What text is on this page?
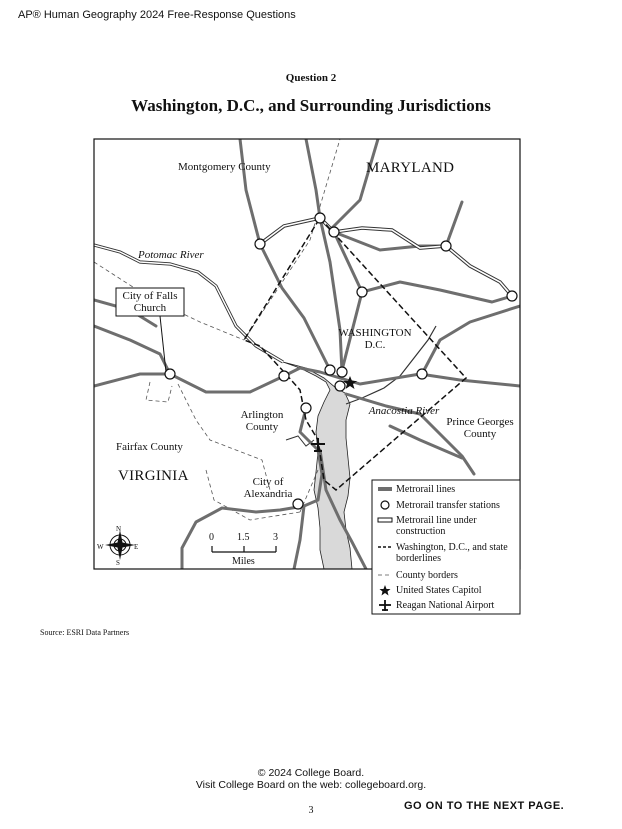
AP® Human Geography 2024 Free-Response Questions
Question 2
Washington, D.C., and Surrounding Jurisdictions
Montgomery County	MARYLAND
Potomac River
City of Falls Church
WASHINGTON D.C.
Arlington County
Anacostia River
Prince Georges County
Fairfax County
VIRGINIA	City of Alexandria
N
S
E
W
0 1.5 3
Miles
Metrorail lines
Metrorail transfer stations
Metrorail line under construction
Washington, D.C., and state borderlines
County borders
United States Capitol
Reagan National Airport
Source: ESRI Data Partners
© 2024 College Board.
Visit College Board on the web: collegeboard.org.
3	GO ON TO THE NEXT PAGE.
